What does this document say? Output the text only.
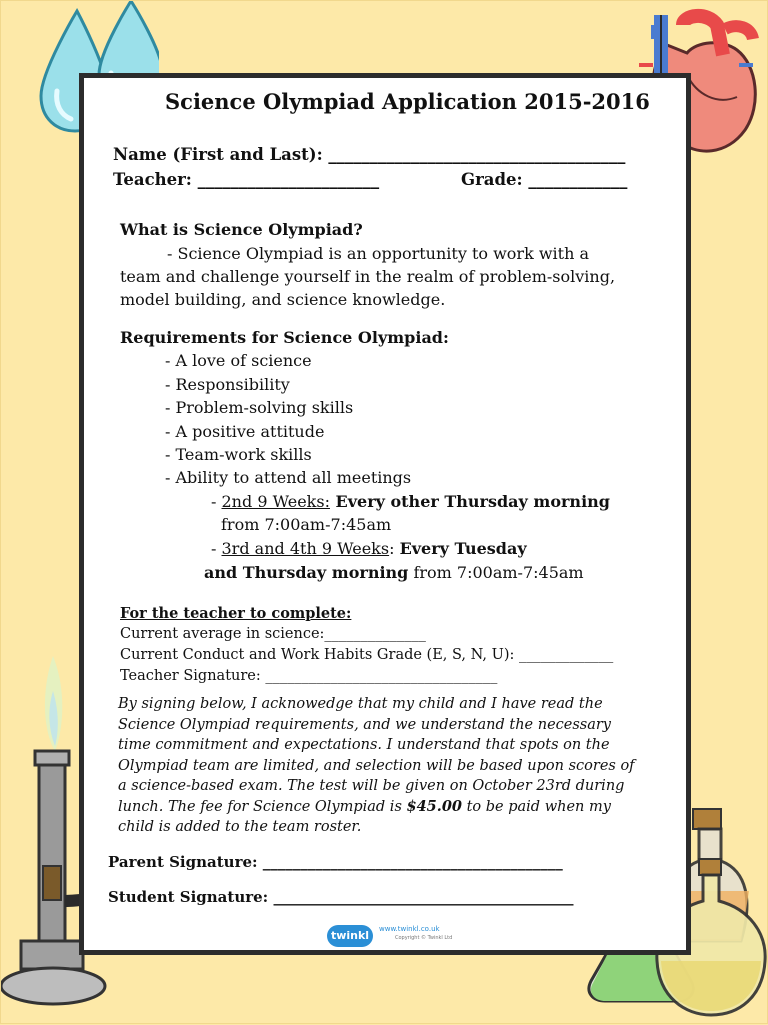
Science Olympiad Application 2015-2016
Name (First and Last): ____________________________________
Teacher: ______________________	Grade: ____________
What is Science Olympiad?
- Science Olympiad is an opportunity to work with a
team and challenge yourself in the realm of problem-solving,
model building, and science knowledge.
Requirements for Science Olympiad:
- A love of science
- Responsibility
- Problem-solving skills
- A positive attitude
- Team-work skills
- Ability to attend all meetings
- 2nd 9 Weeks: Every other Thursday morning
from 7:00am-7:45am
- 3rd and 4th 9 Weeks: Every Tuesday
and Thursday morning from 7:00am-7:45am
For the teacher to complete:
Current average in science:______________
Current Conduct and Work Habits Grade (E, S, N, U): _____________
Teacher Signature: ________________________________
By signing below, I acknowedge that my child and I have read the Science Olympiad requirements, and we understand the necessary time commitment and expectations. I understand that spots on the Olympiad team are limited, and selection will be based upon scores of a science-based exam. The test will be given on October 23rd during lunch. The fee for Science Olympiad is $45.00 to be paid when my child is added to the team roster.
Parent Signature: ________________________________________
Student Signature: ________________________________________
twinkl	www.twinkl.co.uk
Copyright © Twinkl Ltd
